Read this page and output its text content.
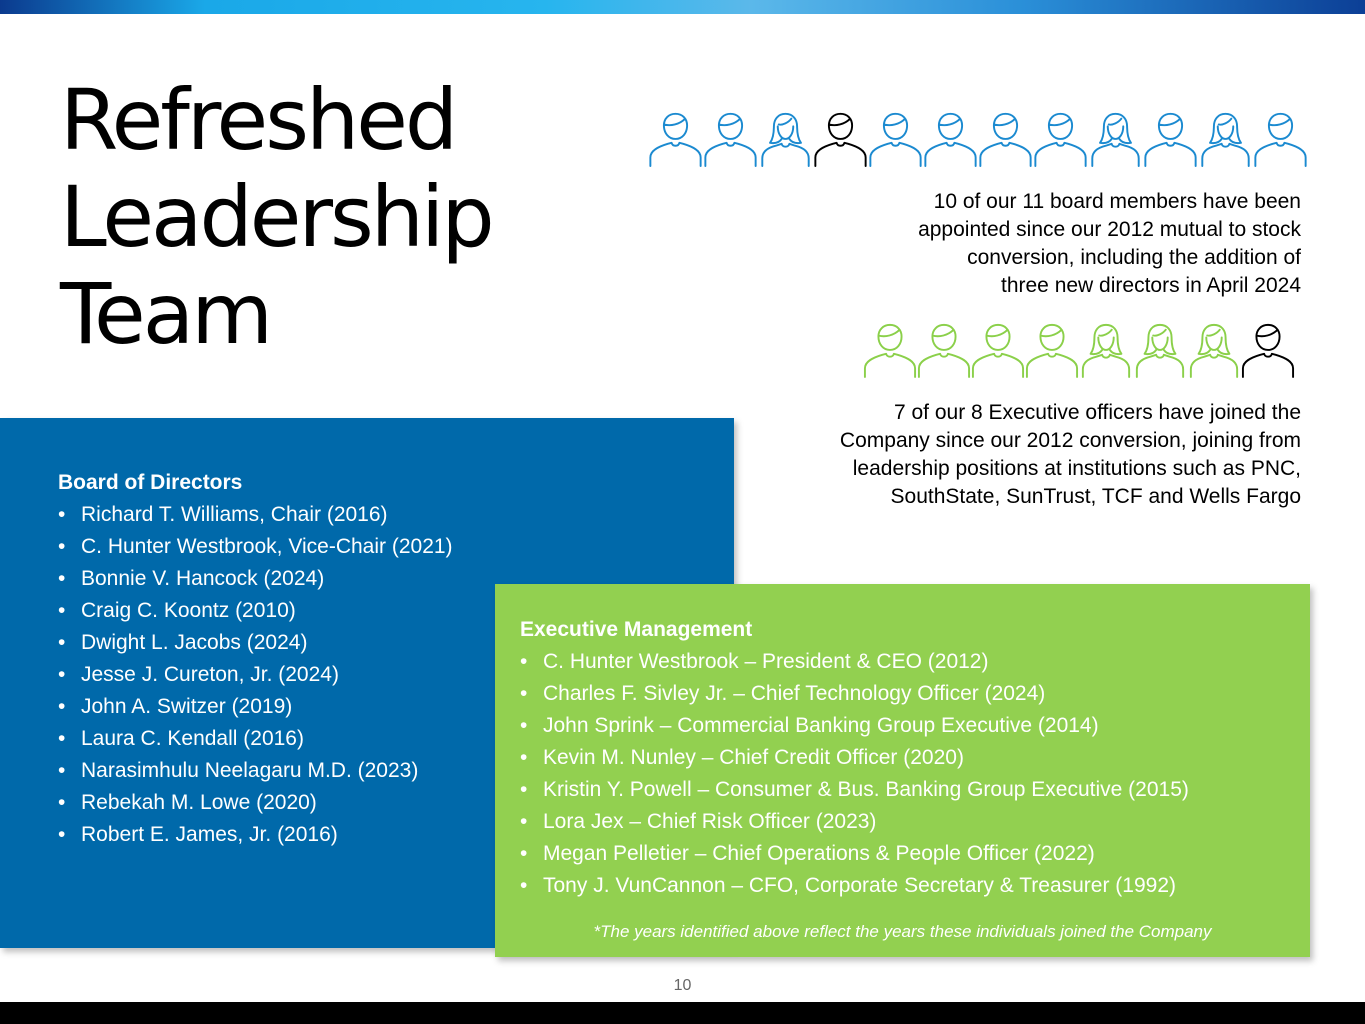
Refreshed
Leadership
Team

10 of our 11 board members have been
appointed since our 2012 mutual to stock
conversion, including the addition of
three new directors in April 2024

7 of our 8 Executive officers have joined the
Company since our 2012 conversion, joining from
leadership positions at institutions such as PNC,
SouthState, SunTrust, TCF and Wells Fargo

Board of Directors
• Richard T. Williams, Chair (2016)
• C. Hunter Westbrook, Vice-Chair (2021)
• Bonnie V. Hancock (2024)
• Craig C. Koontz (2010)
• Dwight L. Jacobs (2024)
• Jesse J. Cureton, Jr. (2024)
• John A. Switzer (2019)
• Laura C. Kendall (2016)
• Narasimhulu Neelagaru M.D. (2023)
• Rebekah M. Lowe (2020)
• Robert E. James, Jr. (2016)
Executive Management
• C. Hunter Westbrook – President & CEO (2012)
• Charles F. Sivley Jr. – Chief Technology Officer (2024)
• John Sprink – Commercial Banking Group Executive (2014)
• Kevin M. Nunley – Chief Credit Officer (2020)
• Kristin Y. Powell – Consumer & Bus. Banking Group Executive (2015)
• Lora Jex – Chief Risk Officer (2023)
• Megan Pelletier – Chief Operations & People Officer (2022)
• Tony J. VunCannon – CFO, Corporate Secretary & Treasurer (1992)

*The years identified above reflect the years these individuals joined the Company

10
